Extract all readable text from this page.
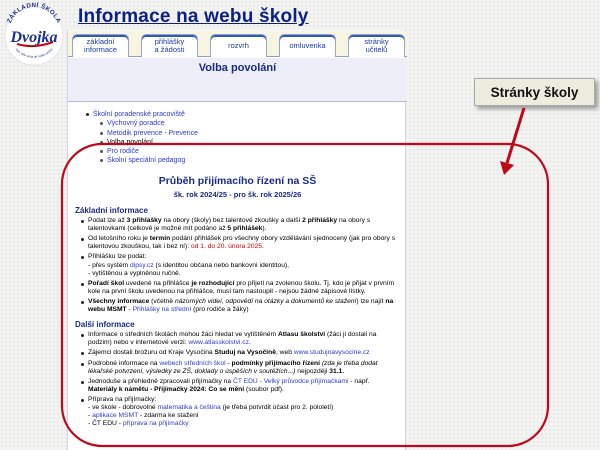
ZÁKLADNÍ ŠKOLA
Dvojka
Tam, kde cesta do světa začíná
Informace na webu školy
základní
informace
přihlášky
a žádosti	rozvrh	omluvenka	stránky
učitelů
Volba povolání
Školní poradenské pracoviště
Výchovný poradce
Metodik prevence - Prevence
Volba povolání
Pro rodiče
Školní speciální pedagog
Průběh přijímacího řízení na SŠ
šk. rok 2024/25 - pro šk. rok 2025/26
Základní informace
Podat lze až 3 přihlášky na obory (školy) bez talentové zkoušky a další 2 přihlášky na obory s talentovkami (celkově je možné mít podáno až 5 přihlášek).
Od letošního roku je termín podání přihlášek pro všechny obory vzdělávání sjednocený (jak pro obory s talentovou zkouškou, tak i bez ní): od 1. do 20. února 2025.
Přihlášku lze podat:
- přes systém dipsy.cz (s identitou občana nebo bankovní identitou),
- vytištěnou a vyplněnou ručně.
Pořadí škol uvedené na přihlášce je rozhodující pro přijetí na zvolenou školu. Tj. kdo je přijat v prvním kole na první školu uvedenou na přihlášce, musí tam nastoupit - nejsou žádné zápisové lístky.
Všechny informace (včetně názorných videí, odpovědí na otázky a dokumentů ke stažení) lze najít na webu MSMT - Přihlášky na střední (pro rodiče a žáky)
Další informace
Informace o středních školách mohou žáci hledat ve vytištěném Atlasu školství (žáci ji dostali na podzim) nebo v internetové verzi: www.atlasskolstvi.cz.
Zájemci dostali brožuru od Kraje Vysočina Studuj na Vysočině, web www.studujnavysocine.cz
Podrobné informace na webech středních škol - podmínky přijímacího řízení (zda je třeba dodat lékařské potvrzení, výsledky ze ZŠ, doklady o úspěších v soutěžích...) nejpozději 31.1.
Jednoduše a přehledně zpracovali přijímačky na ČT EDU - Velký průvodce přijímačkami - např. Materiály k námětu - Přijímačky 2024: Co se mění (soubor pdf).
Příprava na přijímačky:
- ve škole - dobrovolné matematika a čeština (je třeba potvrdit účast pro 2. pololetí)
- aplikace MSMT - zdarma ke stažení
- ČT EDU - příprava na přijímačky
Stránky školy
